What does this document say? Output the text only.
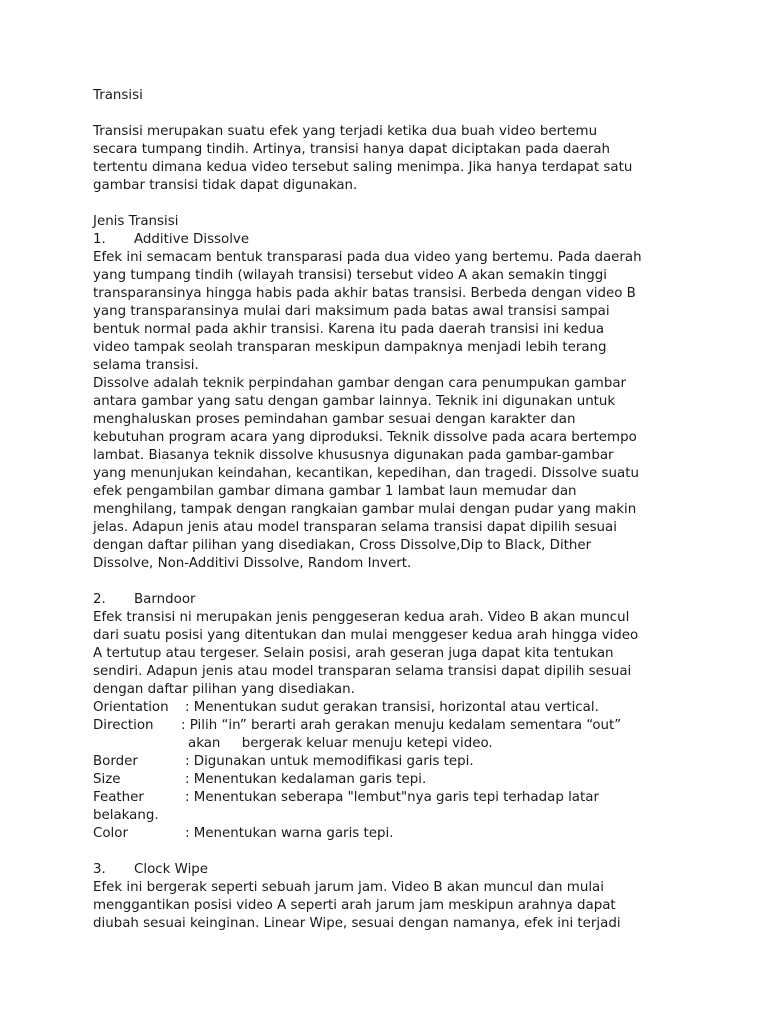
Transisi
Transisi merupakan suatu efek yang terjadi ketika dua buah video bertemu
secara tumpang tindih. Artinya, transisi hanya dapat diciptakan pada daerah
tertentu dimana kedua video tersebut saling menimpa. Jika hanya terdapat satu
gambar transisi tidak dapat digunakan.
Jenis Transisi
1. Additive Dissolve
Efek ini semacam bentuk transparasi pada dua video yang bertemu. Pada daerah
yang tumpang tindih (wilayah transisi) tersebut video A akan semakin tinggi
transparansinya hingga habis pada akhir batas transisi. Berbeda dengan video B
yang transparansinya mulai dari maksimum pada batas awal transisi sampai
bentuk normal pada akhir transisi. Karena itu pada daerah transisi ini kedua
video tampak seolah transparan meskipun dampaknya menjadi lebih terang
selama transisi.
Dissolve adalah teknik perpindahan gambar dengan cara penumpukan gambar
antara gambar yang satu dengan gambar lainnya. Teknik ini digunakan untuk
menghaluskan proses pemindahan gambar sesuai dengan karakter dan
kebutuhan program acara yang diproduksi. Teknik dissolve pada acara bertempo
lambat. Biasanya teknik dissolve khususnya digunakan pada gambar-gambar
yang menunjukan keindahan, kecantikan, kepedihan, dan tragedi. Dissolve suatu
efek pengambilan gambar dimana gambar 1 lambat laun memudar dan
menghilang, tampak dengan rangkaian gambar mulai dengan pudar yang makin
jelas. Adapun jenis atau model transparan selama transisi dapat dipilih sesuai
dengan daftar pilihan yang disediakan, Cross Dissolve,Dip to Black, Dither
Dissolve, Non-Additivi Dissolve, Random Invert.
2. Barndoor
Efek transisi ni merupakan jenis penggeseran kedua arah. Video B akan muncul
dari suatu posisi yang ditentukan dan mulai menggeser kedua arah hingga video
A tertutup atau tergeser. Selain posisi, arah geseran juga dapat kita tentukan
sendiri. Adapun jenis atau model transparan selama transisi dapat dipilih sesuai
dengan daftar pilihan yang disediakan.
Orientation : Menentukan sudut gerakan transisi, horizontal atau vertical.
Direction : Pilih “in” berarti arah gerakan menuju kedalam sementara “out”
akan     bergerak keluar menuju ketepi video.
Border	: Digunakan untuk memodifikasi garis tepi.
Size	: Menentukan kedalaman garis tepi.
Feather	: Menentukan seberapa "lembut"nya garis tepi terhadap latar
belakang.
Color	: Menentukan warna garis tepi.
3. Clock Wipe
Efek ini bergerak seperti sebuah jarum jam. Video B akan muncul dan mulai
menggantikan posisi video A seperti arah jarum jam meskipun arahnya dapat
diubah sesuai keinginan. Linear Wipe, sesuai dengan namanya, efek ini terjadi
